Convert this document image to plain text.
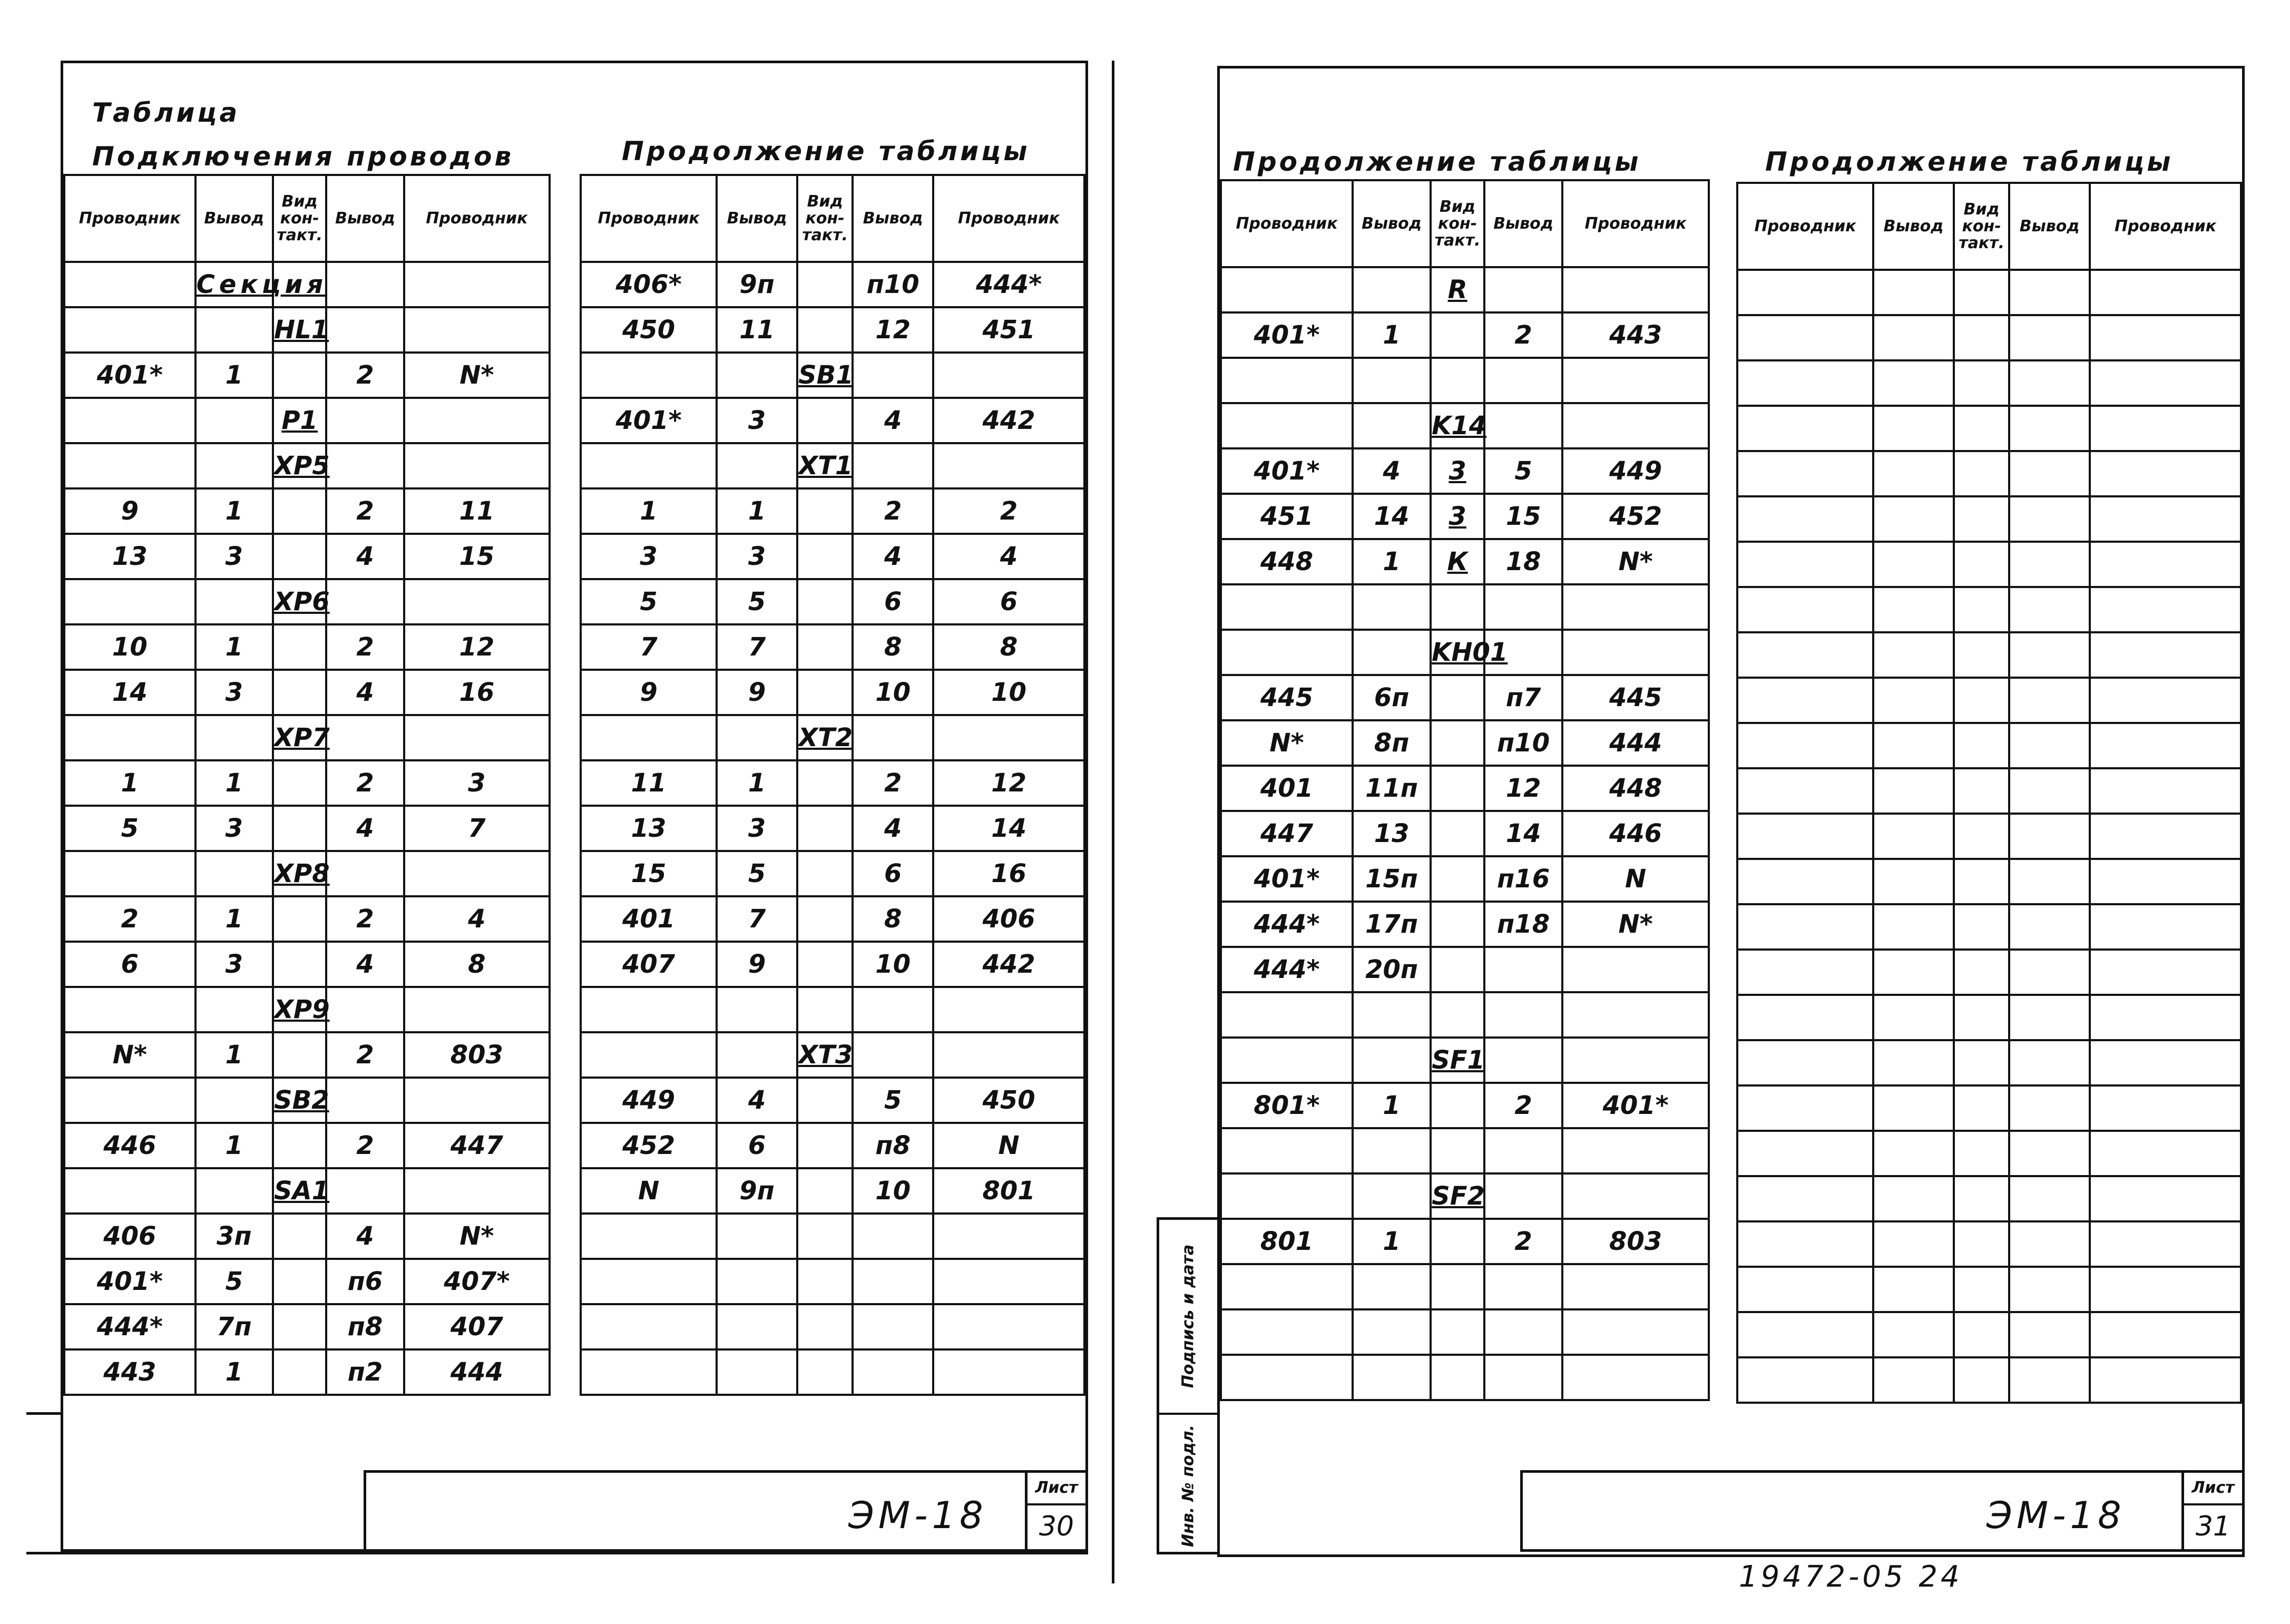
Таблица
Подключения проводов	Продолжение таблицы
Проводник	Вывод	Вид кон-такт.	Вывод	Проводник
	Секция			
		HL1		
401*	1		2	N*
		P1		
		XP5		
9	1		2	11
13	3		4	15
		XP6		
10	1		2	12
14	3		4	16
		XP7		
1	1		2	3
5	3		4	7
		XP8		
2	1		2	4
6	3		4	8
		XP9		
N*	1		2	803
		SB2		
446	1		2	447
		SA1		
406	3п		4	N*
401*	5		п6	407*
444*	7п		п8	407
443	1		п2	444
Проводник	Вывод	Вид кон-такт.	Вывод	Проводник
406*	9п		п10	444*
450	11		12	451
		SB1		
401*	3		4	442
		XT1		
1	1		2	2
3	3		4	4
5	5		6	6
7	7		8	8
9	9		10	10
		XT2		
11	1		2	12
13	3		4	14
15	5		6	16
401	7		8	406
407	9		10	442

		XT3		
449	4		5	450
452	6		п8	N
N	9п		10	801

ЭМ-18
Лист
30
Продолжение таблицы	Продолжение таблицы
Проводник	Вывод	Вид кон-такт.	Вывод	Проводник
		R		
401*	1		2	443

		K14		
401*	4	3	5	449
451	14	3	15	452
448	1	К	18	N*

		KH01		
445	6п		п7	445
N*	8п		п10	444
401	11п		12	448
447	13		14	446
401*	15п		п16	N
444*	17п		п18	N*
444*	20п			

		SF1		
801*	1		2	401*

		SF2		
801	1		2	803

Проводник	Вывод	Вид кон-такт.	Вывод	Проводник

Инв. № подл.
Подпись и дата
ЭМ-18
Лист
31
19472-05 24
